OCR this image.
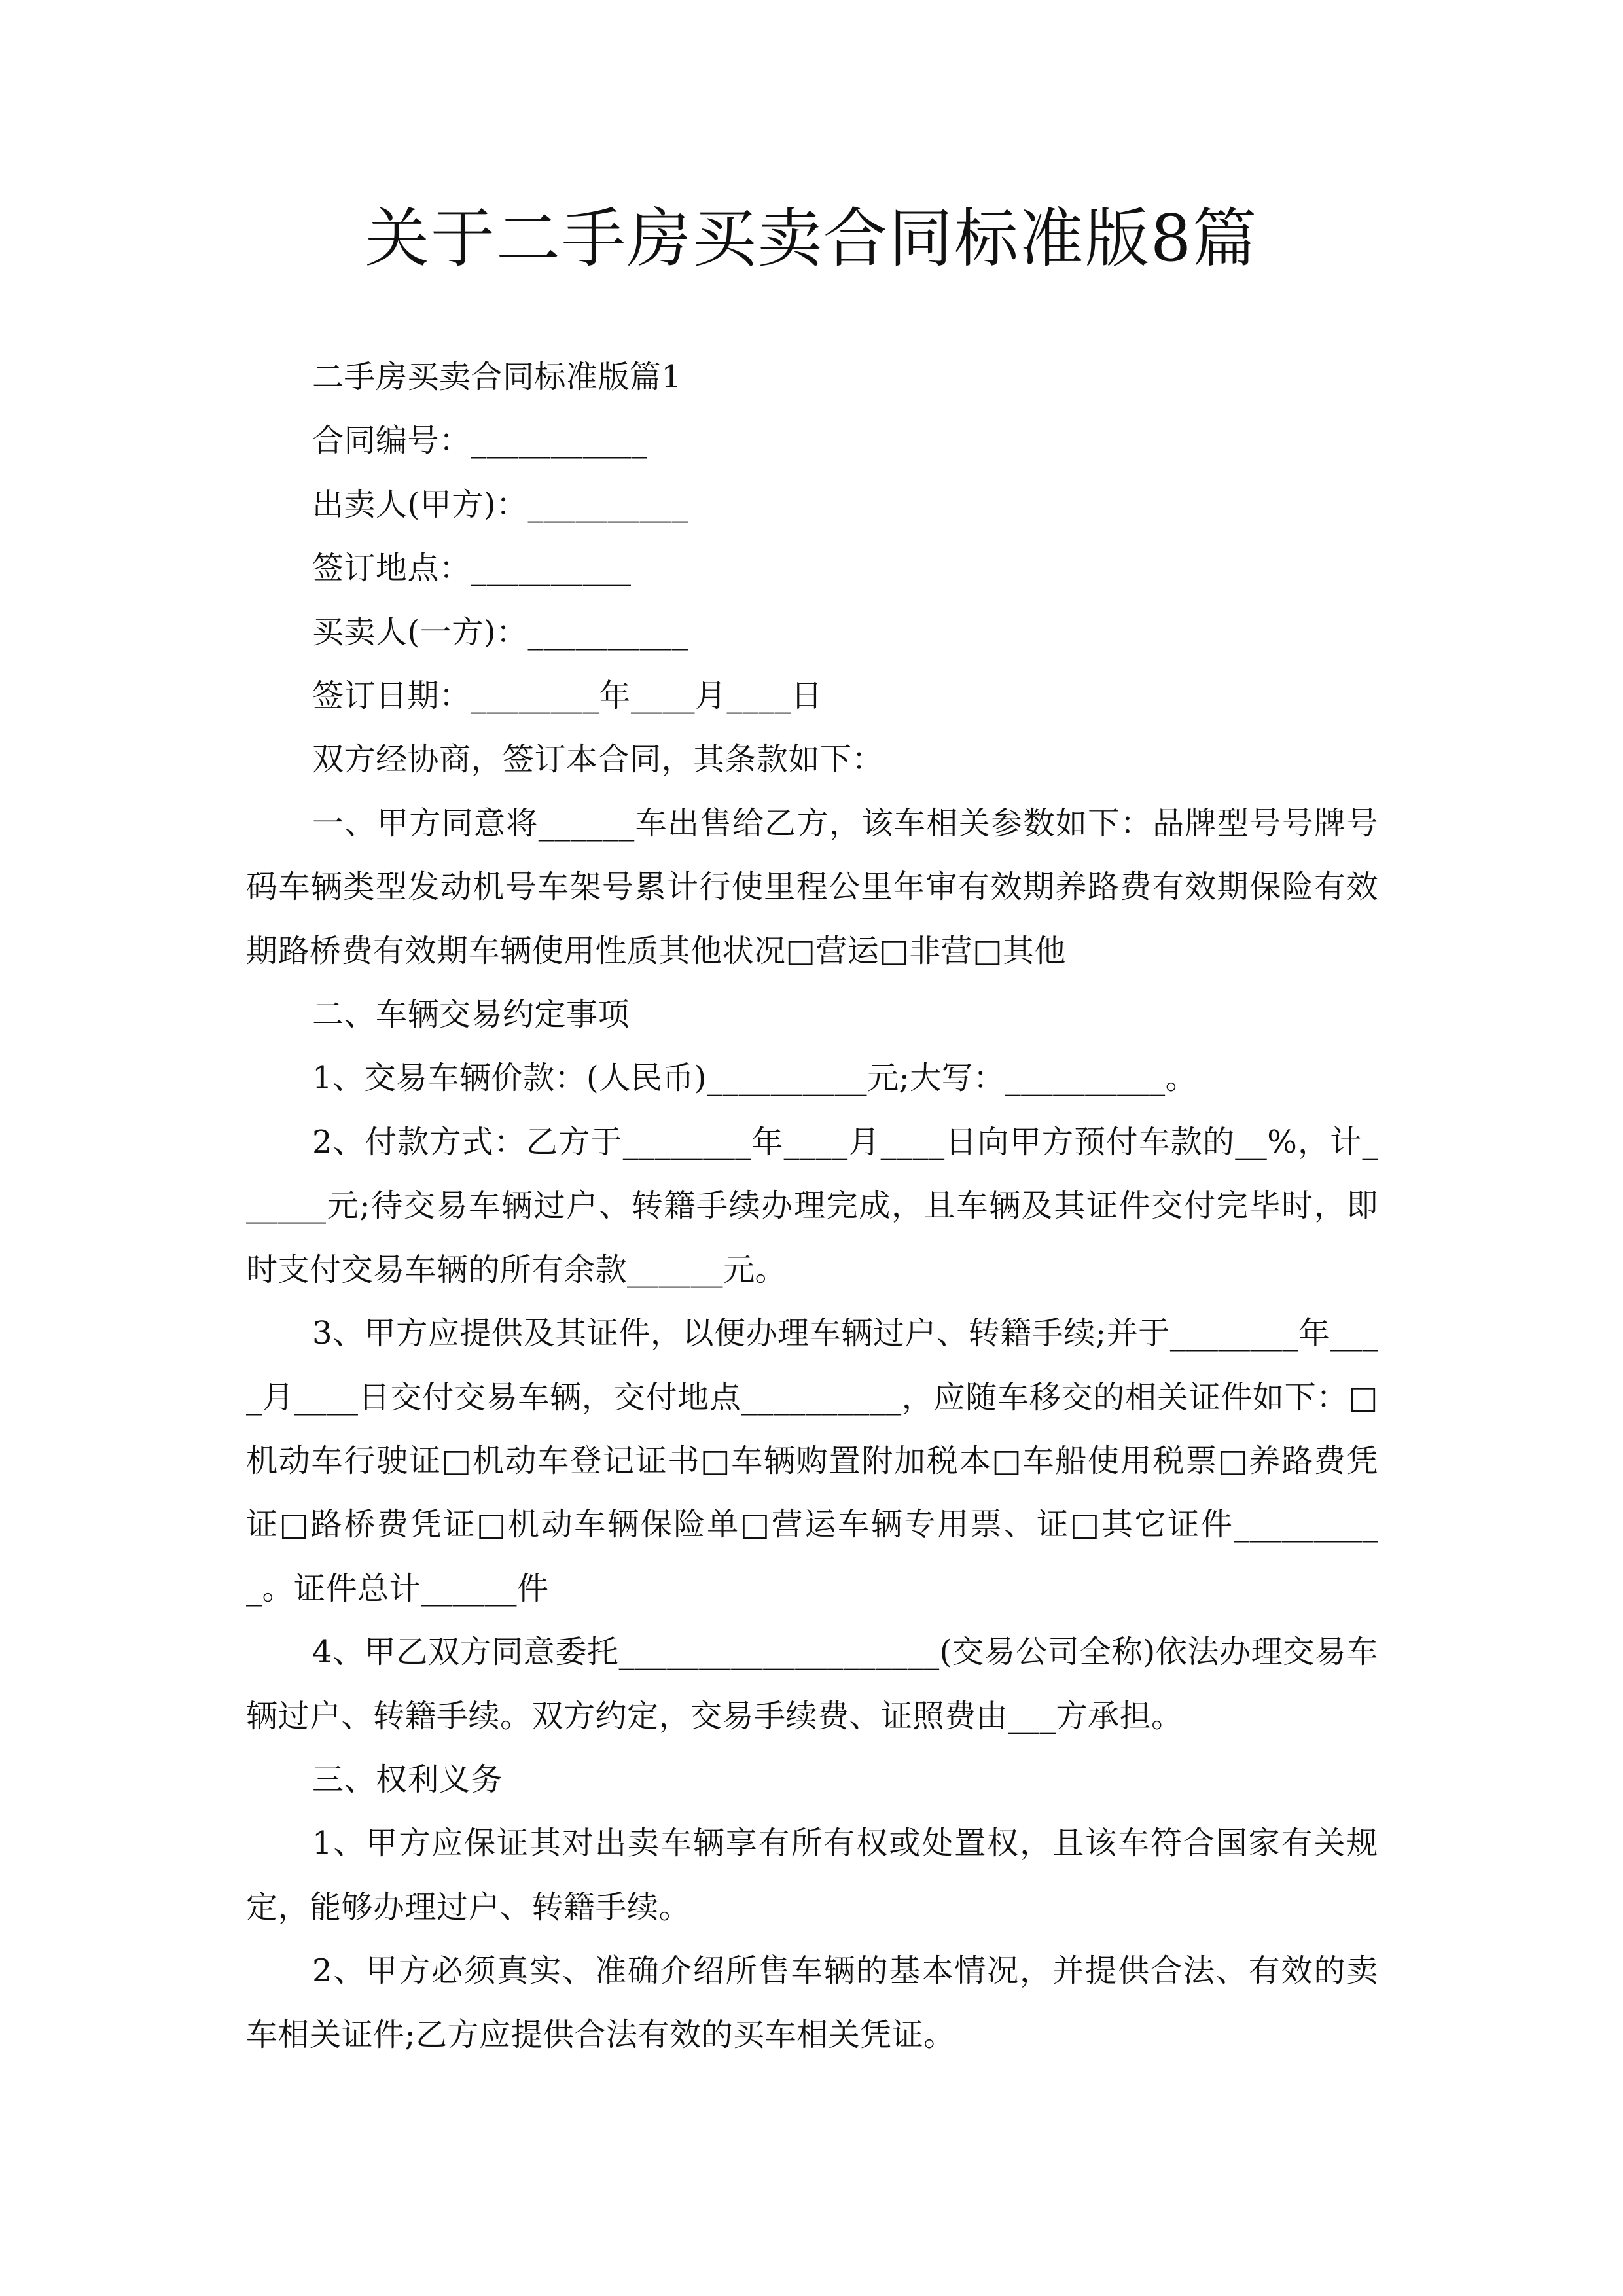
关于二手房买卖合同标准版8篇

二手房买卖合同标准版篇1

合同编号：___________

出卖人(甲方)：__________

签订地点：__________

买卖人(一方)：__________

签订日期：________年____月____日

双方经协商，签订本合同，其条款如下：

一、甲方同意将______车出售给乙方，该车相关参数如下：品牌型号号牌号码车辆类型发动机号车架号累计行使里程公里年审有效期养路费有效期保险有效期路桥费有效期车辆使用性质其他状况□营运□非营□其他

二、车辆交易约定事项

1、交易车辆价款：(人民币)__________元;大写：__________。

2、付款方式：乙方于________年____月____日向甲方预付车款的__%，计______元;待交易车辆过户、转籍手续办理完成，且车辆及其证件交付完毕时，即时支付交易车辆的所有余款______元。

3、甲方应提供及其证件，以便办理车辆过户、转籍手续;并于________年____月____日交付交易车辆，交付地点__________，应随车移交的相关证件如下：□机动车行驶证□机动车登记证书□车辆购置附加税本□车船使用税票□养路费凭证□路桥费凭证□机动车辆保险单□营运车辆专用票、证□其它证件__________。证件总计______件

4、甲乙双方同意委托____________________(交易公司全称)依法办理交易车辆过户、转籍手续。双方约定，交易手续费、证照费由___方承担。

三、权利义务

1、甲方应保证其对出卖车辆享有所有权或处置权，且该车符合国家有关规定，能够办理过户、转籍手续。

2、甲方必须真实、准确介绍所售车辆的基本情况，并提供合法、有效的卖车相关证件;乙方应提供合法有效的买车相关凭证。
